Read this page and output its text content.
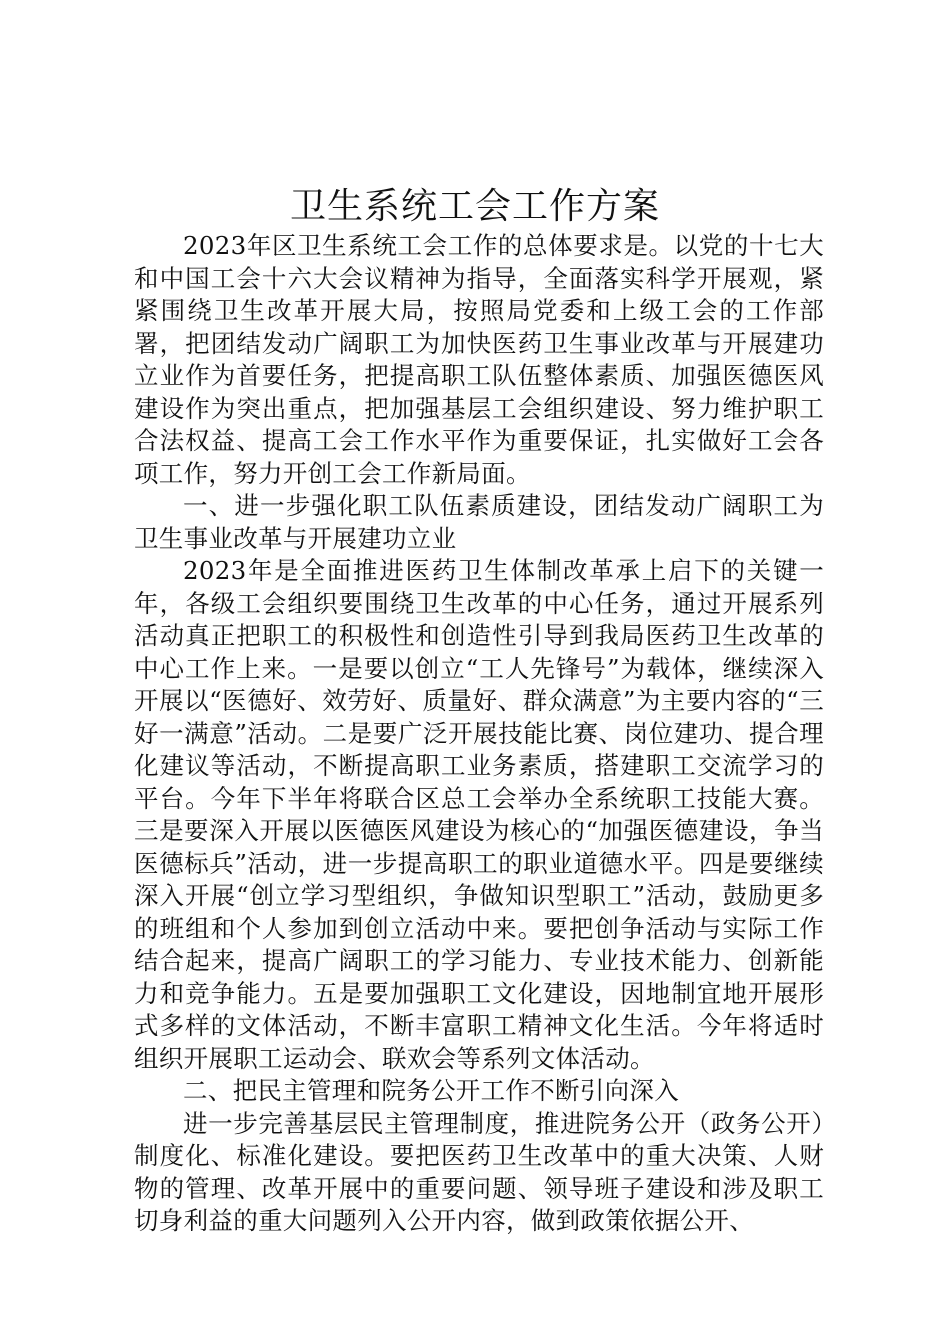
卫生系统工会工作方案

2023年区卫生系统工会工作的总体要求是。以党的十七大和中国工会十六大会议精神为指导，全面落实科学开展观，紧紧围绕卫生改革开展大局，按照局党委和上级工会的工作部署，把团结发动广阔职工为加快医药卫生事业改革与开展建功立业作为首要任务，把提高职工队伍整体素质、加强医德医风建设作为突出重点，把加强基层工会组织建设、努力维护职工合法权益、提高工会工作水平作为重要保证，扎实做好工会各项工作，努力开创工会工作新局面。

一、进一步强化职工队伍素质建设，团结发动广阔职工为卫生事业改革与开展建功立业

2023年是全面推进医药卫生体制改革承上启下的关键一年，各级工会组织要围绕卫生改革的中心任务，通过开展系列活动真正把职工的积极性和创造性引导到我局医药卫生改革的中心工作上来。一是要以创立“工人先锋号”为载体，继续深入开展以“医德好、效劳好、质量好、群众满意”为主要内容的“三好一满意”活动。二是要广泛开展技能比赛、岗位建功、提合理化建议等活动，不断提高职工业务素质，搭建职工交流学习的平台。今年下半年将联合区总工会举办全系统职工技能大赛。三是要深入开展以医德医风建设为核心的“加强医德建设，争当医德标兵”活动，进一步提高职工的职业道德水平。四是要继续深入开展“创立学习型组织，争做知识型职工”活动，鼓励更多的班组和个人参加到创立活动中来。要把创争活动与实际工作结合起来，提高广阔职工的学习能力、专业技术能力、创新能力和竞争能力。五是要加强职工文化建设，因地制宜地开展形式多样的文体活动，不断丰富职工精神文化生活。今年将适时组织开展职工运动会、联欢会等系列文体活动。

二、把民主管理和院务公开工作不断引向深入

进一步完善基层民主管理制度，推进院务公开（政务公开）制度化、标准化建设。要把医药卫生改革中的重大决策、人财物的管理、改革开展中的重要问题、领导班子建设和涉及职工切身利益的重大问题列入公开内容，做到政策依据公开、
